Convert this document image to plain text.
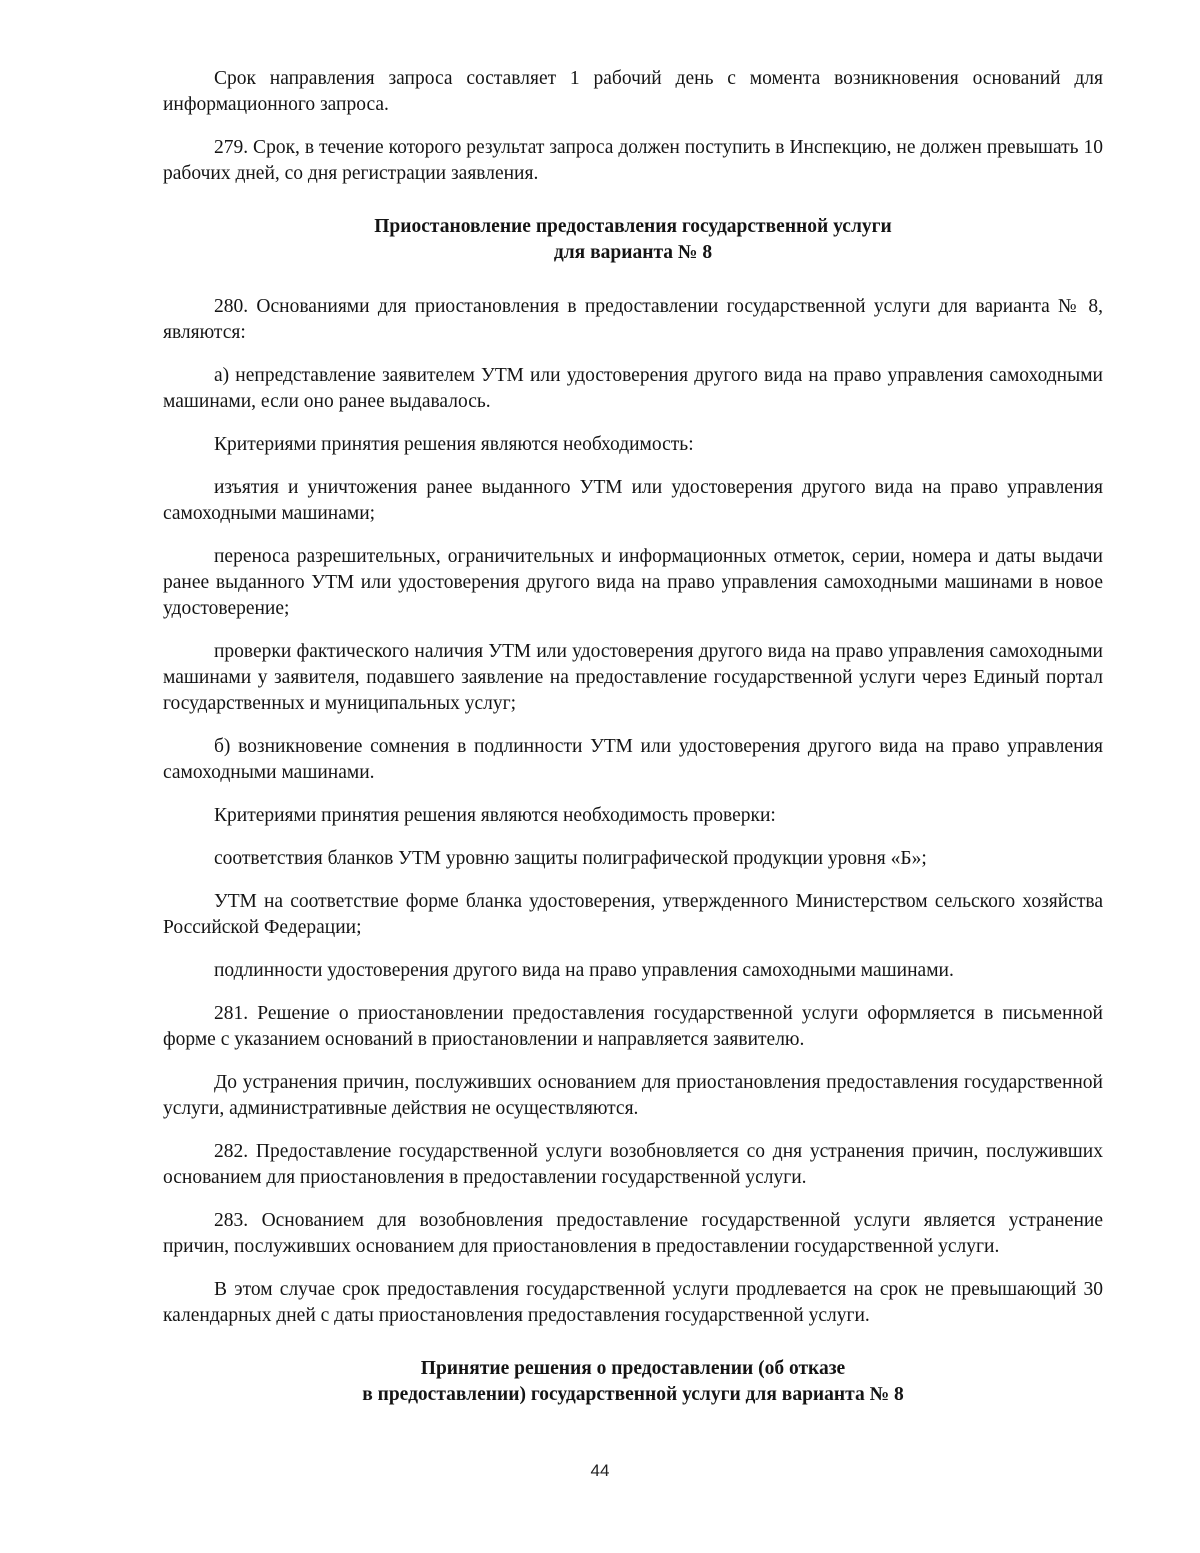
Срок направления запроса составляет 1 рабочий день с момента возникновения оснований для информационного запроса.

279. Срок, в течение которого результат запроса должен поступить в Инспекцию, не должен превышать 10 рабочих дней, со дня регистрации заявления.

Приостановление предоставления государственной услуги
для варианта № 8

280. Основаниями для приостановления в предоставлении государственной услуги для варианта № 8, являются:

а) непредставление заявителем УТМ или удостоверения другого вида на право управления самоходными машинами, если оно ранее выдавалось.

Критериями принятия решения являются необходимость:

изъятия и уничтожения ранее выданного УТМ или удостоверения другого вида на право управления самоходными машинами;

переноса разрешительных, ограничительных и информационных отметок, серии, номера и даты выдачи ранее выданного УТМ или удостоверения другого вида на право управления самоходными машинами в новое удостоверение;

проверки фактического наличия УТМ или удостоверения другого вида на право управления самоходными машинами у заявителя, подавшего заявление на предоставление государственной услуги через Единый портал государственных и муниципальных услуг;

б) возникновение сомнения в подлинности УТМ или удостоверения другого вида на право управления самоходными машинами.

Критериями принятия решения являются необходимость проверки:

соответствия бланков УТМ уровню защиты полиграфической продукции уровня «Б»;

УТМ на соответствие форме бланка удостоверения, утвержденного Министерством сельского хозяйства Российской Федерации;

подлинности удостоверения другого вида на право управления самоходными машинами.

281. Решение о приостановлении предоставления государственной услуги оформляется в письменной форме с указанием оснований в приостановлении и направляется заявителю.

До устранения причин, послуживших основанием для приостановления предоставления государственной услуги, административные действия не осуществляются.

282. Предоставление государственной услуги возобновляется со дня устранения причин, послуживших основанием для приостановления в предоставлении государственной услуги.

283. Основанием для возобновления предоставление государственной услуги является устранение причин, послуживших основанием для приостановления в предоставлении государственной услуги.

В этом случае срок предоставления государственной услуги продлевается на срок не превышающий 30 календарных дней с даты приостановления предоставления государственной услуги.

Принятие решения о предоставлении (об отказе
в предоставлении) государственной услуги для варианта № 8
44
